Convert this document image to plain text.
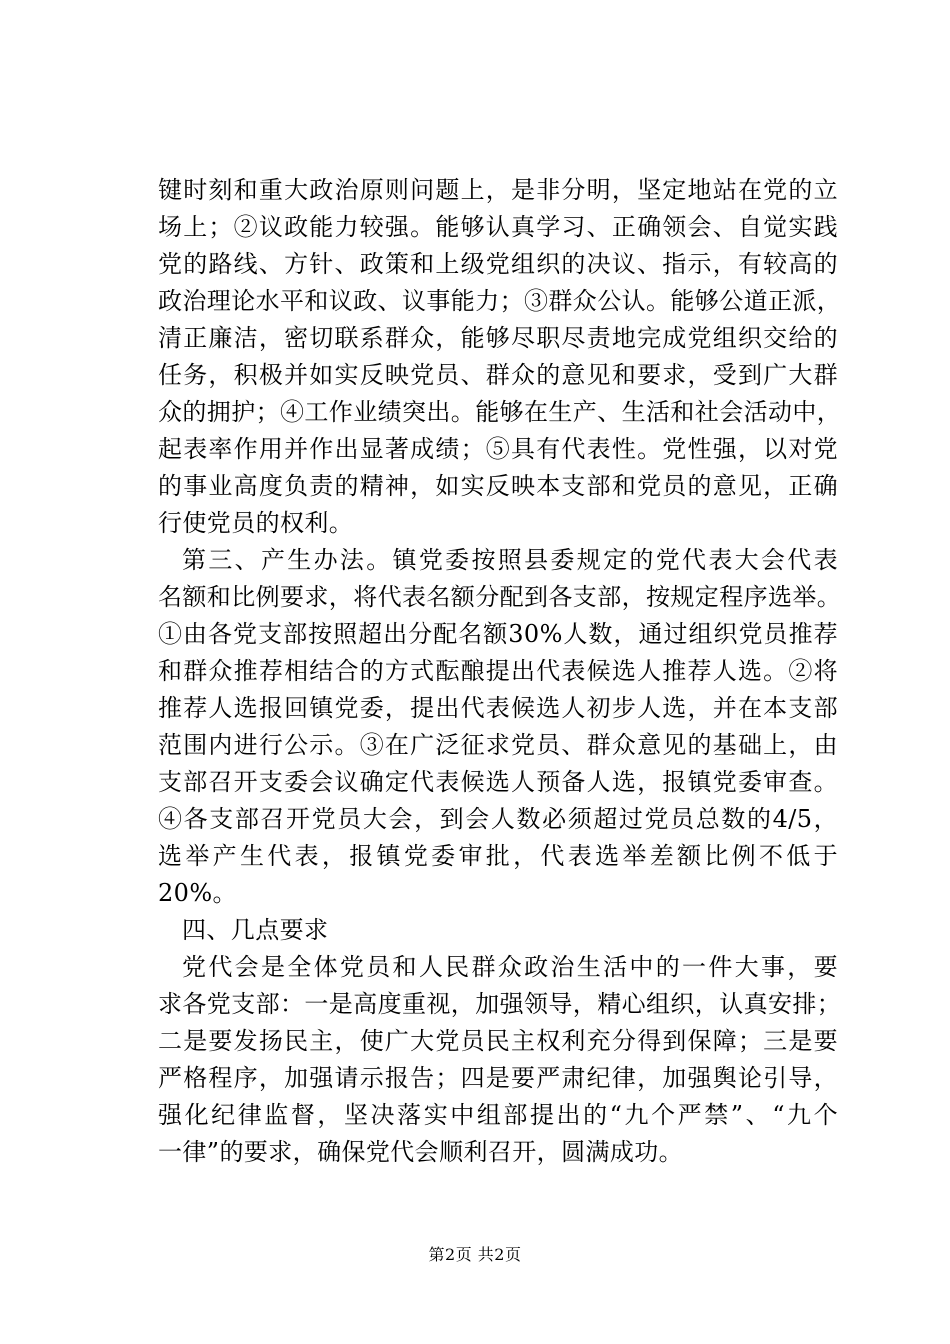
键时刻和重大政治原则问题上，是非分明，坚定地站在党的立
场上；②议政能力较强。能够认真学习、正确领会、自觉实践
党的路线、方针、政策和上级党组织的决议、指示，有较高的
政治理论水平和议政、议事能力；③群众公认。能够公道正派，
清正廉洁，密切联系群众，能够尽职尽责地完成党组织交给的
任务，积极并如实反映党员、群众的意见和要求，受到广大群
众的拥护；④工作业绩突出。能够在生产、生活和社会活动中，
起表率作用并作出显著成绩；⑤具有代表性。党性强，以对党
的事业高度负责的精神，如实反映本支部和党员的意见，正确
行使党员的权利。
第三、产生办法。镇党委按照县委规定的党代表大会代表
名额和比例要求，将代表名额分配到各支部，按规定程序选举。
①由各党支部按照超出分配名额30%人数，通过组织党员推荐
和群众推荐相结合的方式酝酿提出代表候选人推荐人选。②将
推荐人选报回镇党委，提出代表候选人初步人选，并在本支部
范围内进行公示。③在广泛征求党员、群众意见的基础上，由
支部召开支委会议确定代表候选人预备人选，报镇党委审查。
④各支部召开党员大会，到会人数必须超过党员总数的4/5，
选举产生代表，报镇党委审批，代表选举差额比例不低于
20%。
四、几点要求
党代会是全体党员和人民群众政治生活中的一件大事，要
求各党支部：一是高度重视，加强领导，精心组织，认真安排；
二是要发扬民主，使广大党员民主权利充分得到保障；三是要
严格程序，加强请示报告；四是要严肃纪律，加强舆论引导，
强化纪律监督，坚决落实中组部提出的“九个严禁”、“九个
一律”的要求，确保党代会顺利召开，圆满成功。
第2页 共2页
